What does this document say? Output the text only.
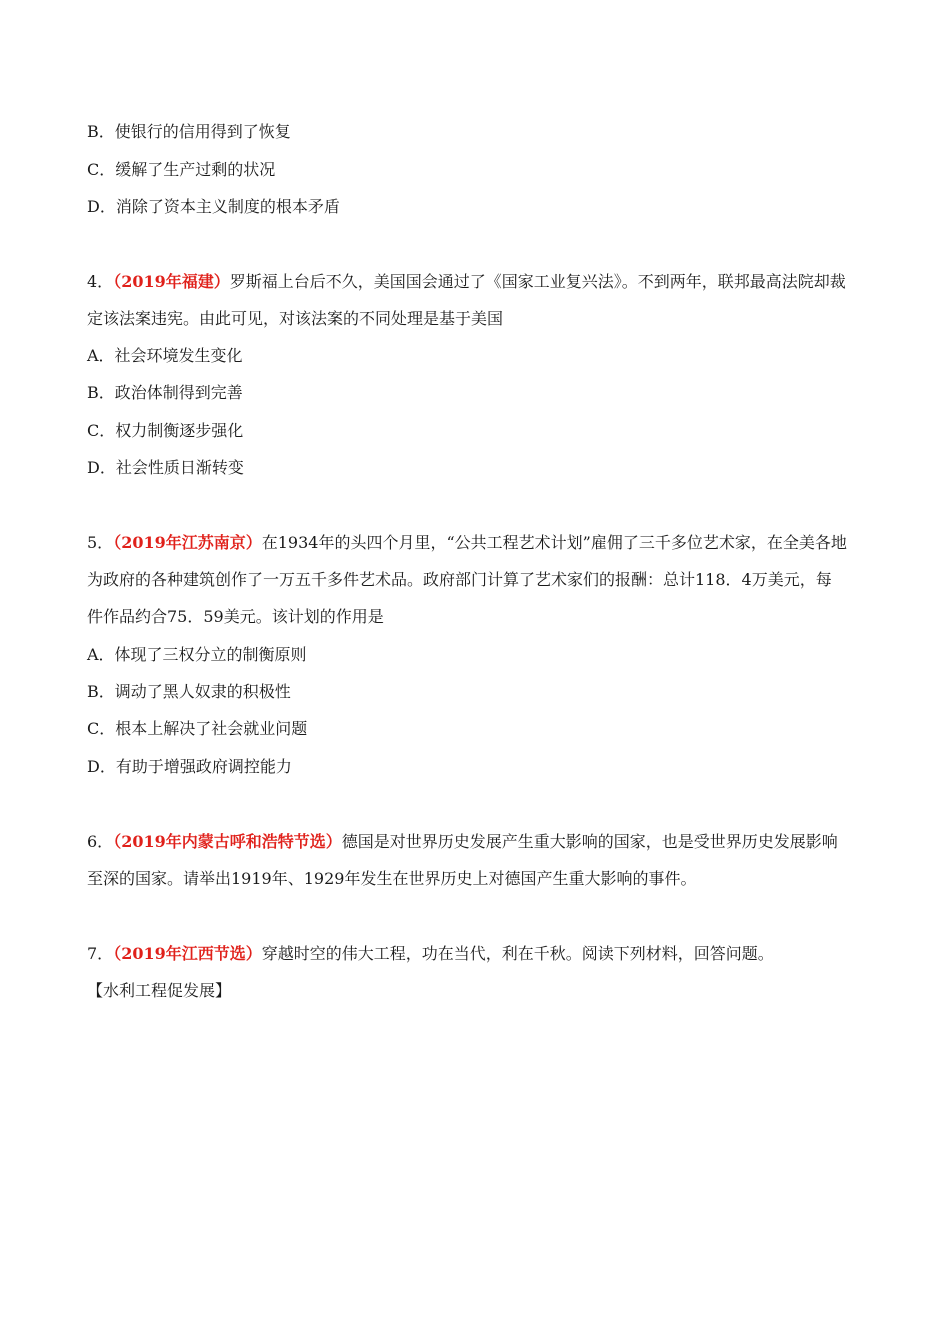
B．使银行的信用得到了恢复
C．缓解了生产过剩的状况
D．消除了资本主义制度的根本矛盾
4．（2019年福建）罗斯福上台后不久，美国国会通过了《国家工业复兴法》。不到两年，联邦最高法院却裁
定该法案违宪。由此可见，对该法案的不同处理是基于美国
A．社会环境发生变化
B．政治体制得到完善
C．权力制衡逐步强化
D．社会性质日渐转变
5．（2019年江苏南京）在1934年的头四个月里，“公共工程艺术计划”雇佣了三千多位艺术家，在全美各地
为政府的各种建筑创作了一万五千多件艺术品。政府部门计算了艺术家们的报酬：总计118．4万美元，每
件作品约合75．59美元。该计划的作用是
A．体现了三权分立的制衡原则
B．调动了黑人奴隶的积极性
C．根本上解决了社会就业问题
D．有助于增强政府调控能力
6．（2019年内蒙古呼和浩特节选）德国是对世界历史发展产生重大影响的国家，也是受世界历史发展影响
至深的国家。请举出1919年、1929年发生在世界历史上对德国产生重大影响的事件。
7．（2019年江西节选）穿越时空的伟大工程，功在当代，利在千秋。阅读下列材料，回答问题。
【水利工程促发展】
